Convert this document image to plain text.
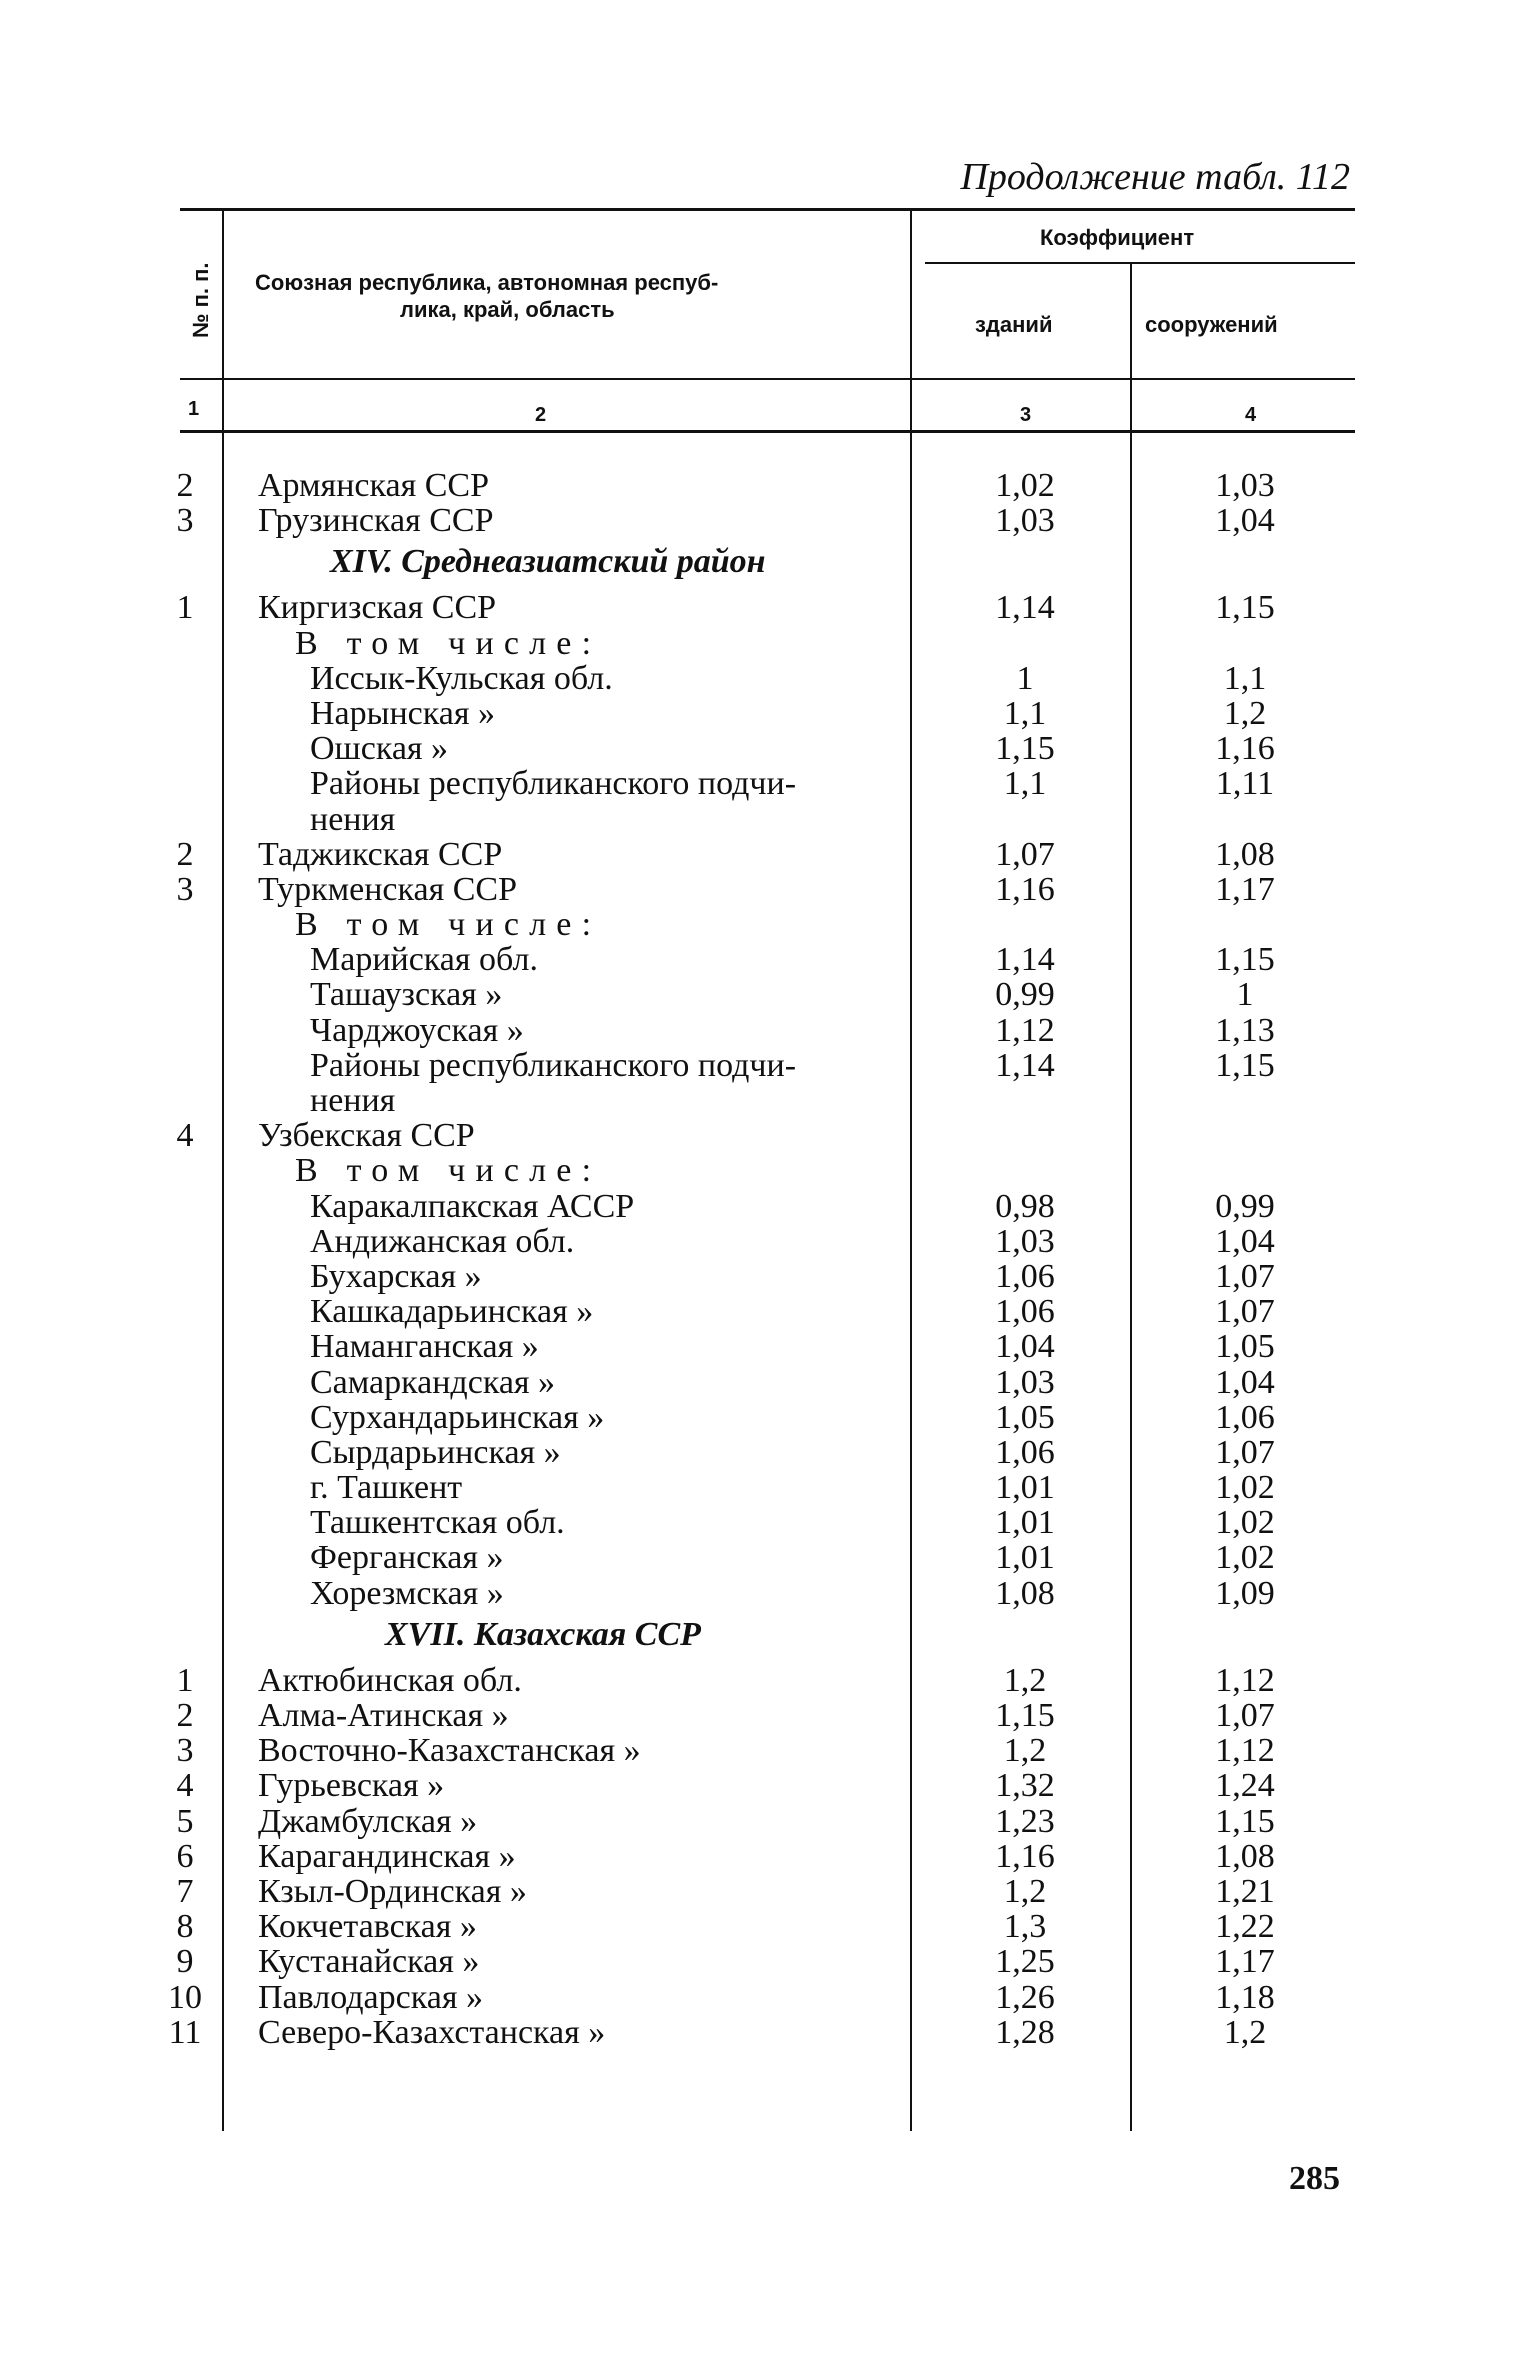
Продолжение табл. 112
№ п. п. Союзная республика, автономная респуб-
лика, край, область
Коэффициент
зданий	сооружений
1	2	3	4
2	Армянская ССР	1,02	1,03
3	Грузинская ССР	1,03	1,04
XIV. Среднеазиатский район
1	Киргизская ССР	1,14	1,15
В том числе:
Иссык-Кульская обл.	1	1,1
Нарынская »	1,1	1,2
Ошская »	1,15	1,16
Районы республиканского подчи-	1,1	1,11
нения
2	Таджикская ССР	1,07	1,08
3	Туркменская ССР	1,16	1,17
В том числе:
Марийская обл.	1,14	1,15
Ташаузская »	0,99	1
Чарджоуская »	1,12	1,13
Районы республиканского подчи-	1,14	1,15
нения
4	Узбекская ССР
В том числе:
Каракалпакская АССР	0,98	0,99
Андижанская обл.	1,03	1,04
Бухарская »	1,06	1,07
Кашкадарьинская »	1,06	1,07
Наманганская »	1,04	1,05
Самаркандская »	1,03	1,04
Сурхандарьинская »	1,05	1,06
Сырдарьинская »	1,06	1,07
г. Ташкент	1,01	1,02
Ташкентская обл.	1,01	1,02
Ферганская »	1,01	1,02
Хорезмская »	1,08	1,09
XVII. Казахская ССР
1	Актюбинская обл.	1,2	1,12
2	Алма-Атинская »	1,15	1,07
3	Восточно-Казахстанская »	1,2	1,12
4	Гурьевская »	1,32	1,24
5	Джамбулская »	1,23	1,15
6	Карагандинская »	1,16	1,08
7	Кзыл-Ординская »	1,2	1,21
8	Кокчетавская »	1,3	1,22
9	Кустанайская »	1,25	1,17
10 Павлодарская »	1,26	1,18
11 Северо-Казахстанская »	1,28	1,2
285
